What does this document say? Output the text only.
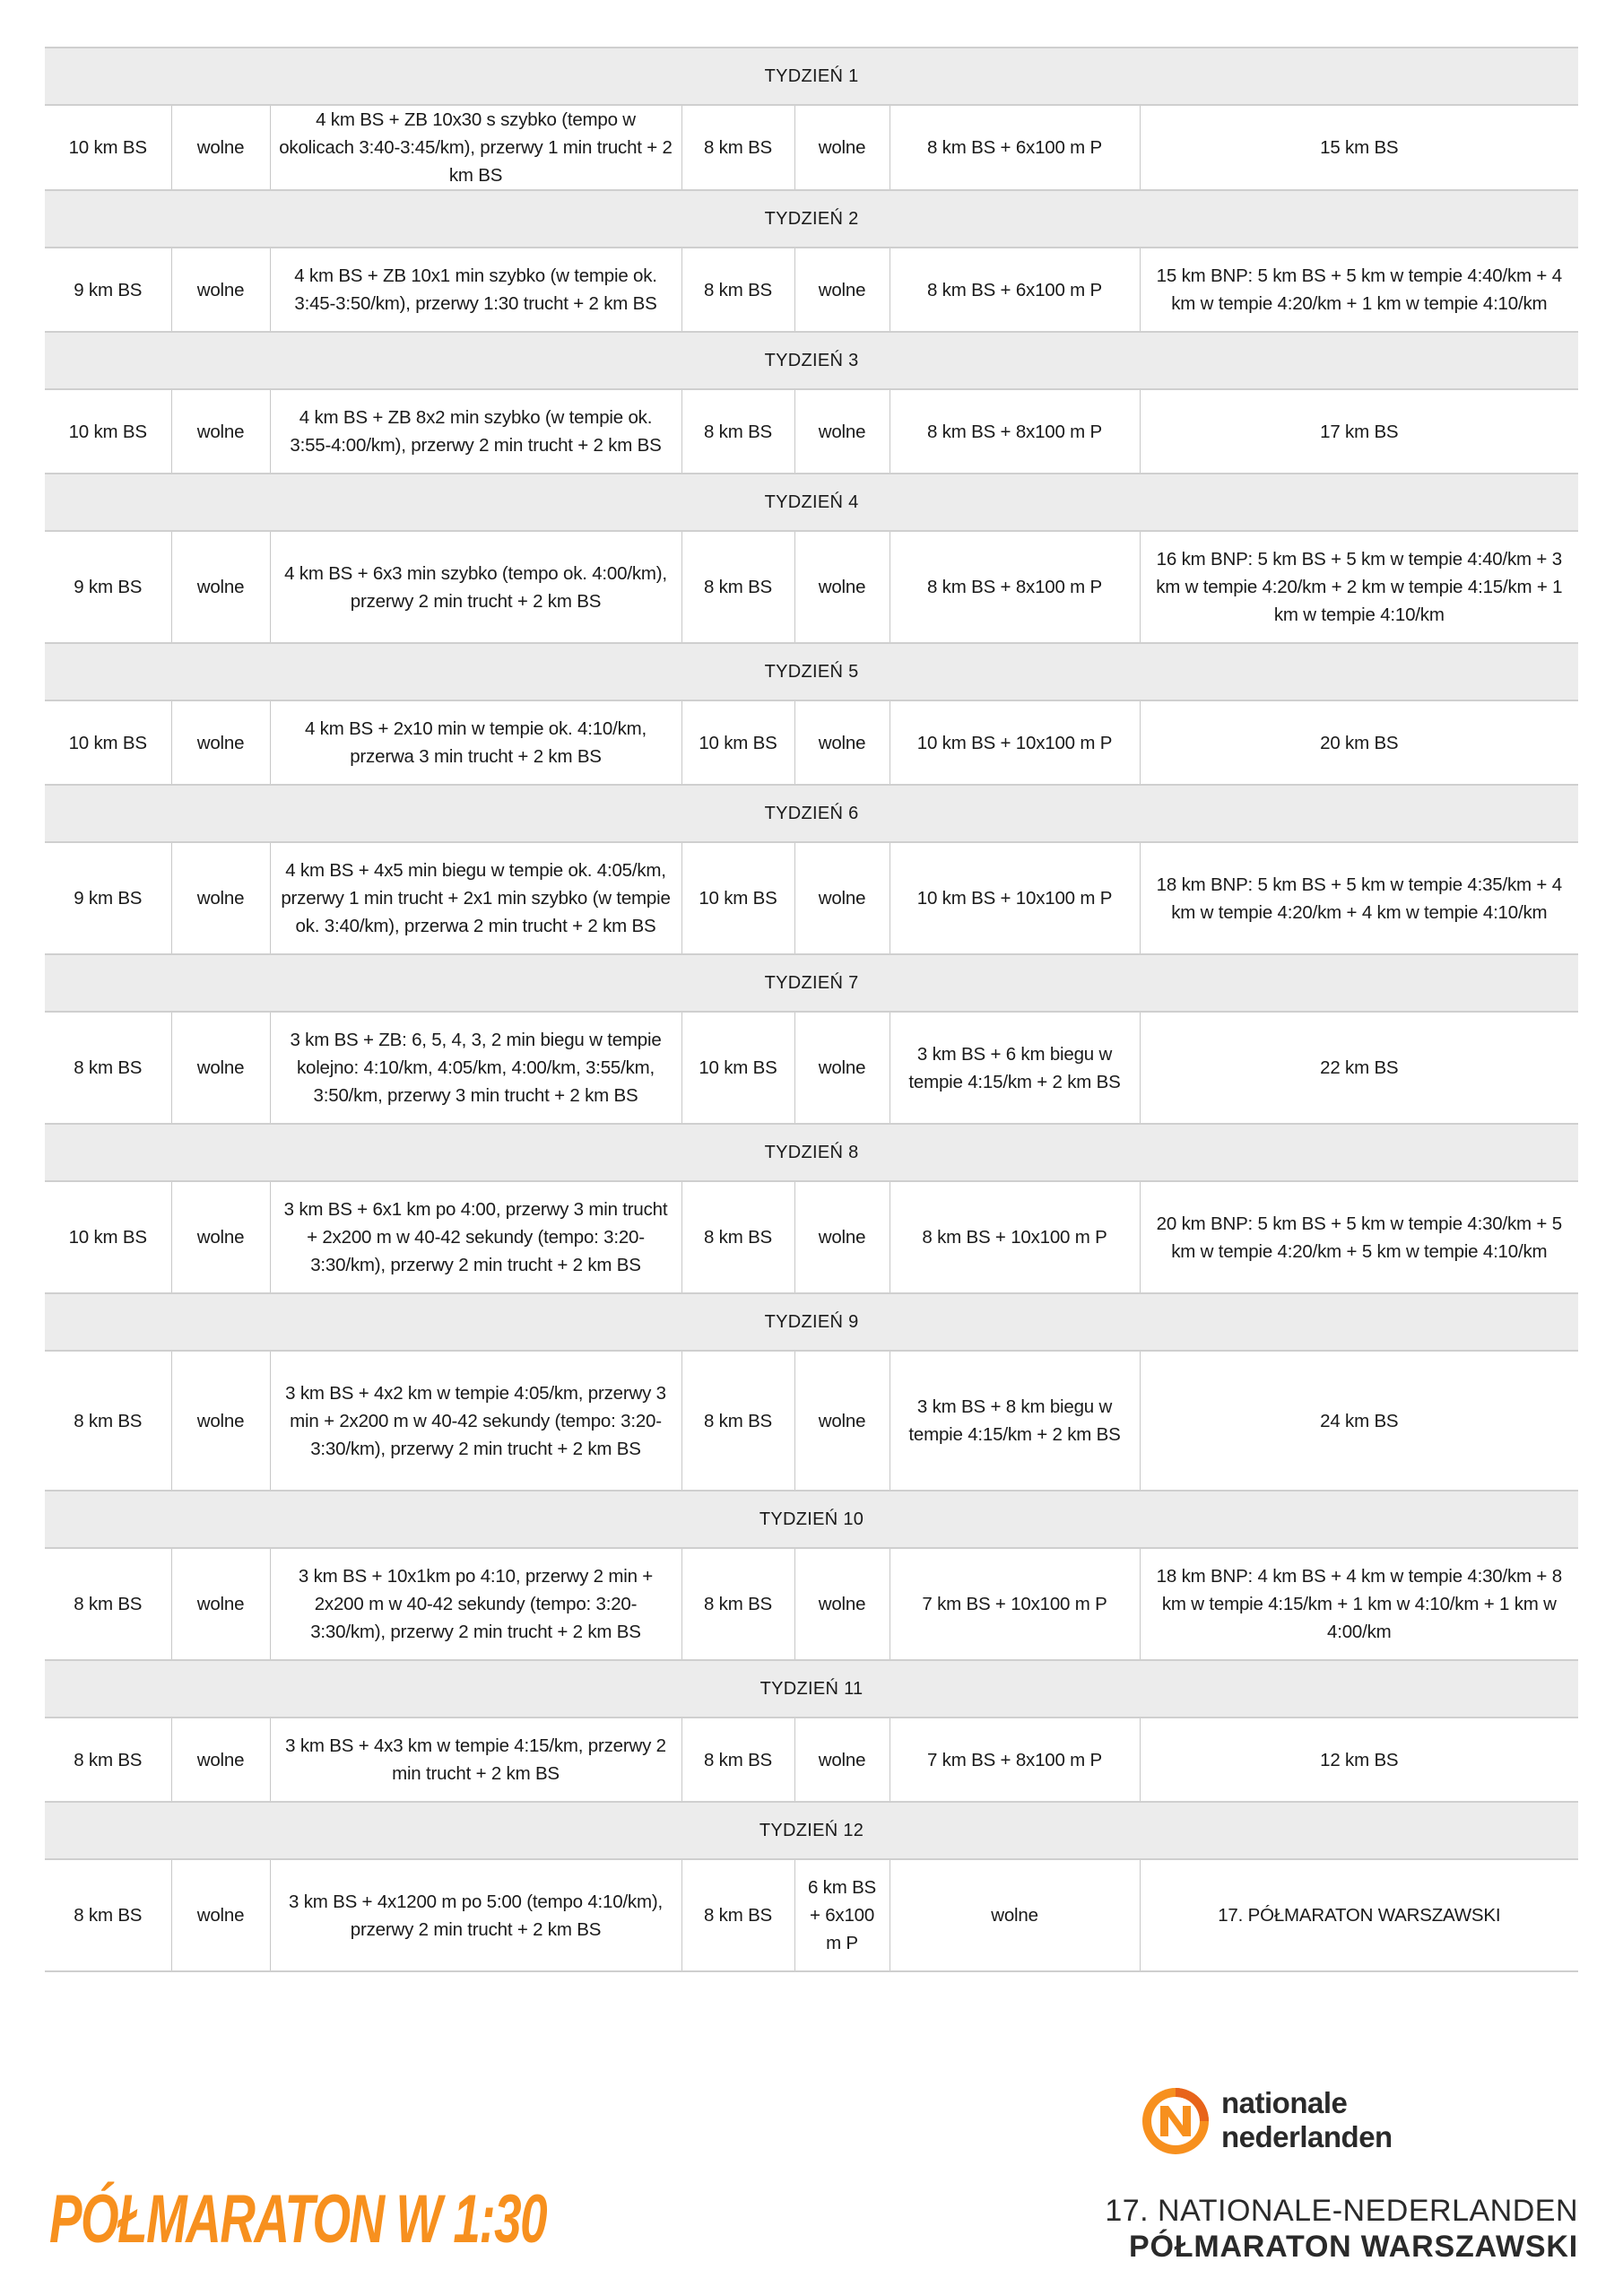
TYDZIEŃ 1						
10 km BS	wolne	4 km BS + ZB 10x30 s szybko (tempo w okolicach 3:40-3:45/km), przerwy 1 min trucht + 2 km BS	8 km BS	wolne	8 km BS + 6x100 m P	15 km BS
TYDZIEŃ 2						
9 km BS	wolne	4 km BS + ZB 10x1 min szybko (w tempie ok. 3:45-3:50/km), przerwy 1:30 trucht + 2 km BS	8 km BS	wolne	8 km BS + 6x100 m P	15 km BNP: 5 km BS + 5 km w tempie 4:40/km + 4 km w tempie 4:20/km + 1 km w tempie 4:10/km
TYDZIEŃ 3						
10 km BS	wolne	4 km BS + ZB 8x2 min szybko (w tempie ok. 3:55-4:00/km), przerwy 2 min trucht + 2 km BS	8 km BS	wolne	8 km BS + 8x100 m P	17 km BS
TYDZIEŃ 4						
9 km BS	wolne	4 km BS + 6x3 min szybko (tempo ok. 4:00/km), przerwy 2 min trucht + 2 km BS	8 km BS	wolne	8 km BS + 8x100 m P	16 km BNP: 5 km BS + 5 km w tempie 4:40/km + 3 km w tempie 4:20/km + 2 km w tempie 4:15/km + 1 km w tempie 4:10/km
TYDZIEŃ 5						
10 km BS	wolne	4 km BS + 2x10 min w tempie ok. 4:10/km, przerwa 3 min trucht + 2 km BS	10 km BS	wolne	10 km BS + 10x100 m P	20 km BS
TYDZIEŃ 6						
9 km BS	wolne	4 km BS + 4x5 min biegu w tempie ok. 4:05/km, przerwy 1 min trucht + 2x1 min szybko (w tempie ok. 3:40/km), przerwa 2 min trucht + 2 km BS	10 km BS	wolne	10 km BS + 10x100 m P	18 km BNP: 5 km BS + 5 km w tempie 4:35/km + 4 km w tempie 4:20/km + 4 km w tempie 4:10/km
TYDZIEŃ 7						
8 km BS	wolne	3 km BS + ZB: 6, 5, 4, 3, 2 min biegu w tempie kolejno: 4:10/km, 4:05/km, 4:00/km, 3:55/km, 3:50/km, przerwy 3 min trucht + 2 km BS	10 km BS	wolne	3 km BS + 6 km biegu w tempie 4:15/km + 2 km BS	22 km BS
TYDZIEŃ 8						
10 km BS	wolne	3 km BS + 6x1 km po 4:00, przerwy 3 min trucht + 2x200 m w 40-42 sekundy (tempo: 3:20-3:30/km), przerwy 2 min trucht + 2 km BS	8 km BS	wolne	8 km BS + 10x100 m P	20 km BNP: 5 km BS + 5 km w tempie 4:30/km + 5 km w tempie 4:20/km + 5 km w tempie 4:10/km
TYDZIEŃ 9						
8 km BS	wolne	3 km BS + 4x2 km w tempie 4:05/km, przerwy 3 min + 2x200 m w 40-42 sekundy (tempo: 3:20-3:30/km), przerwy 2 min trucht + 2 km BS	8 km BS	wolne	3 km BS + 8 km biegu w tempie 4:15/km + 2 km BS	24 km BS
TYDZIEŃ 10						
8 km BS	wolne	3 km BS + 10x1km po 4:10, przerwy 2 min + 2x200 m w 40-42 sekundy (tempo: 3:20-3:30/km), przerwy 2 min trucht + 2 km BS	8 km BS	wolne	7 km BS + 10x100 m P	18 km BNP: 4 km BS + 4 km w tempie 4:30/km + 8 km w tempie 4:15/km + 1 km w 4:10/km + 1 km w 4:00/km
TYDZIEŃ 11						
8 km BS	wolne	3 km BS + 4x3 km w tempie 4:15/km, przerwy 2 min trucht + 2 km BS	8 km BS	wolne	7 km BS + 8x100 m P	12 km BS
TYDZIEŃ 12						
8 km BS	wolne	3 km BS + 4x1200 m po 5:00 (tempo 4:10/km), przerwy 2 min trucht + 2 km BS	8 km BS	6 km BS + 6x100 m P	wolne	17. PÓŁMARATON WARSZAWSKI
nationale
nederlanden
17. NATIONALE-NEDERLANDEN
PÓŁMARATON WARSZAWSKI
PÓŁMARATON W 1:30
